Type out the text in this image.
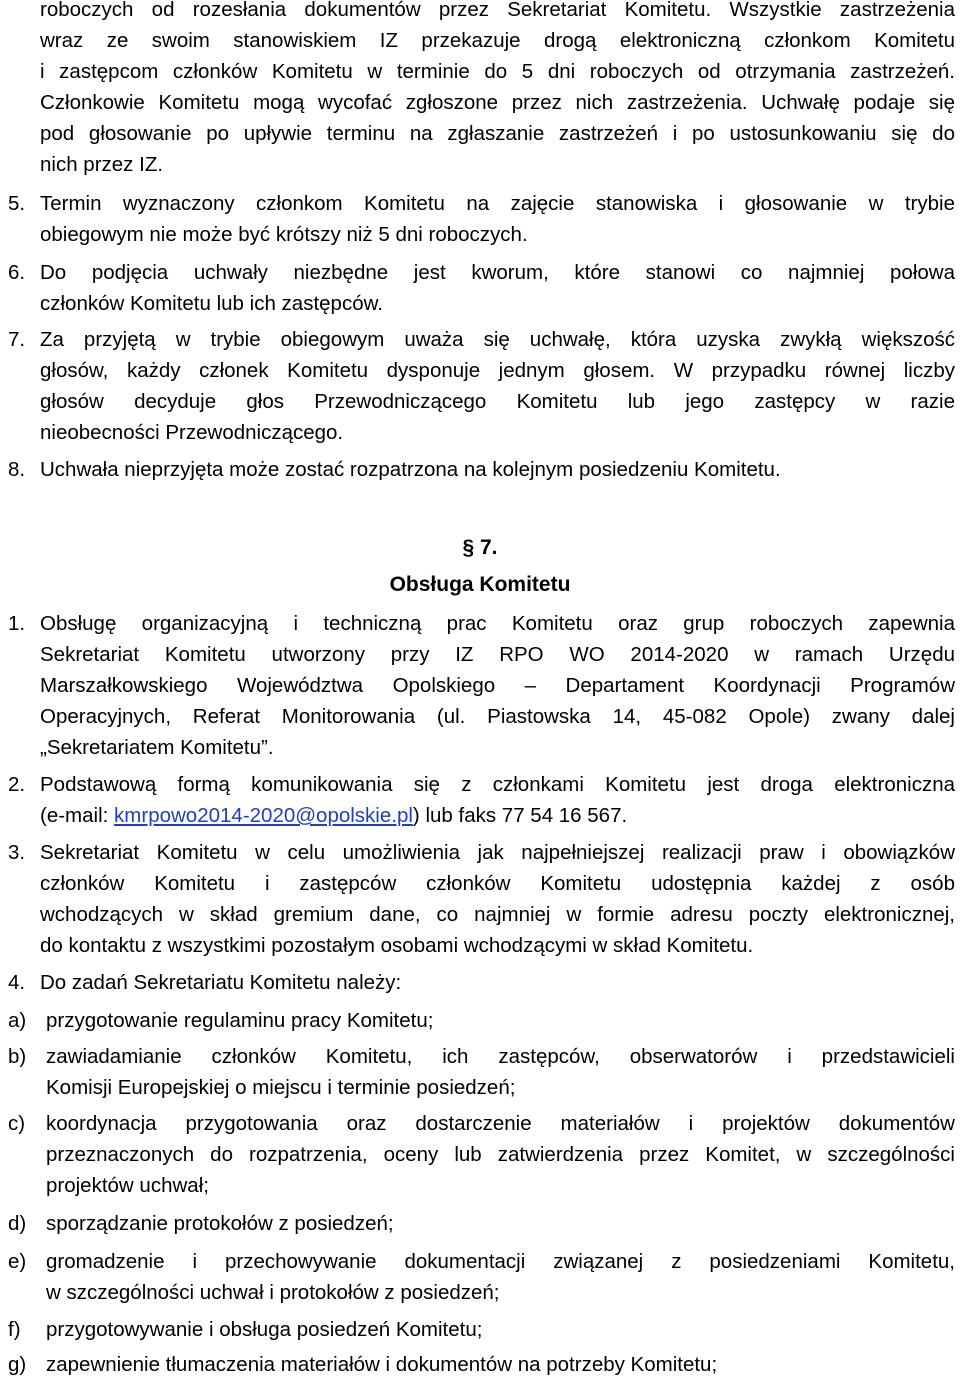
roboczych od rozesłania dokumentów przez Sekretariat Komitetu. Wszystkie zastrzeżenia
wraz ze swoim stanowiskiem IZ przekazuje drogą elektroniczną członkom Komitetu
i zastępcom członków Komitetu w terminie do 5 dni roboczych od otrzymania zastrzeżeń.
Członkowie Komitetu mogą wycofać zgłoszone przez nich zastrzeżenia. Uchwałę podaje się
pod głosowanie po upływie terminu na zgłaszanie zastrzeżeń i po ustosunkowaniu się do
nich przez IZ.
5. Termin wyznaczony członkom Komitetu na zajęcie stanowiska i głosowanie w trybie
obiegowym nie może być krótszy niż 5 dni roboczych.
6. Do podjęcia uchwały niezbędne jest kworum, które stanowi co najmniej połowa
członków Komitetu lub ich zastępców.
7. Za przyjętą w trybie obiegowym uważa się uchwałę, która uzyska zwykłą większość
głosów, każdy członek Komitetu dysponuje jednym głosem. W przypadku równej liczby
głosów decyduje głos Przewodniczącego Komitetu lub jego zastępcy w razie
nieobecności Przewodniczącego.
8. Uchwała nieprzyjęta może zostać rozpatrzona na kolejnym posiedzeniu Komitetu.
§ 7.
Obsługa Komitetu
1. Obsługę organizacyjną i techniczną prac Komitetu oraz grup roboczych zapewnia
Sekretariat Komitetu utworzony przy IZ RPO WO 2014-2020 w ramach Urzędu
Marszałkowskiego Województwa Opolskiego – Departament Koordynacji Programów
Operacyjnych, Referat Monitorowania (ul. Piastowska 14, 45-082 Opole) zwany dalej
„Sekretariatem Komitetu”.
2. Podstawową formą komunikowania się z członkami Komitetu jest droga elektroniczna
(e-mail: kmrpowo2014-2020@opolskie.pl) lub faks 77 54 16 567.
3. Sekretariat Komitetu w celu umożliwienia jak najpełniejszej realizacji praw i obowiązków
członków Komitetu i zastępców członków Komitetu udostępnia każdej z osób
wchodzących w skład gremium dane, co najmniej w formie adresu poczty elektronicznej,
do kontaktu z wszystkimi pozostałym osobami wchodzącymi w skład Komitetu.
4. Do zadań Sekretariatu Komitetu należy:
a) przygotowanie regulaminu pracy Komitetu;
b) zawiadamianie członków Komitetu, ich zastępców, obserwatorów i przedstawicieli
Komisji Europejskiej o miejscu i terminie posiedzeń;
c) koordynacja przygotowania oraz dostarczenie materiałów i projektów dokumentów
przeznaczonych do rozpatrzenia, oceny lub zatwierdzenia przez Komitet, w szczególności
projektów uchwał;
d) sporządzanie protokołów z posiedzeń;
e) gromadzenie i przechowywanie dokumentacji związanej z posiedzeniami Komitetu,
w szczególności uchwał i protokołów z posiedzeń;
f) przygotowywanie i obsługa posiedzeń Komitetu;
g) zapewnienie tłumaczenia materiałów i dokumentów na potrzeby Komitetu;
